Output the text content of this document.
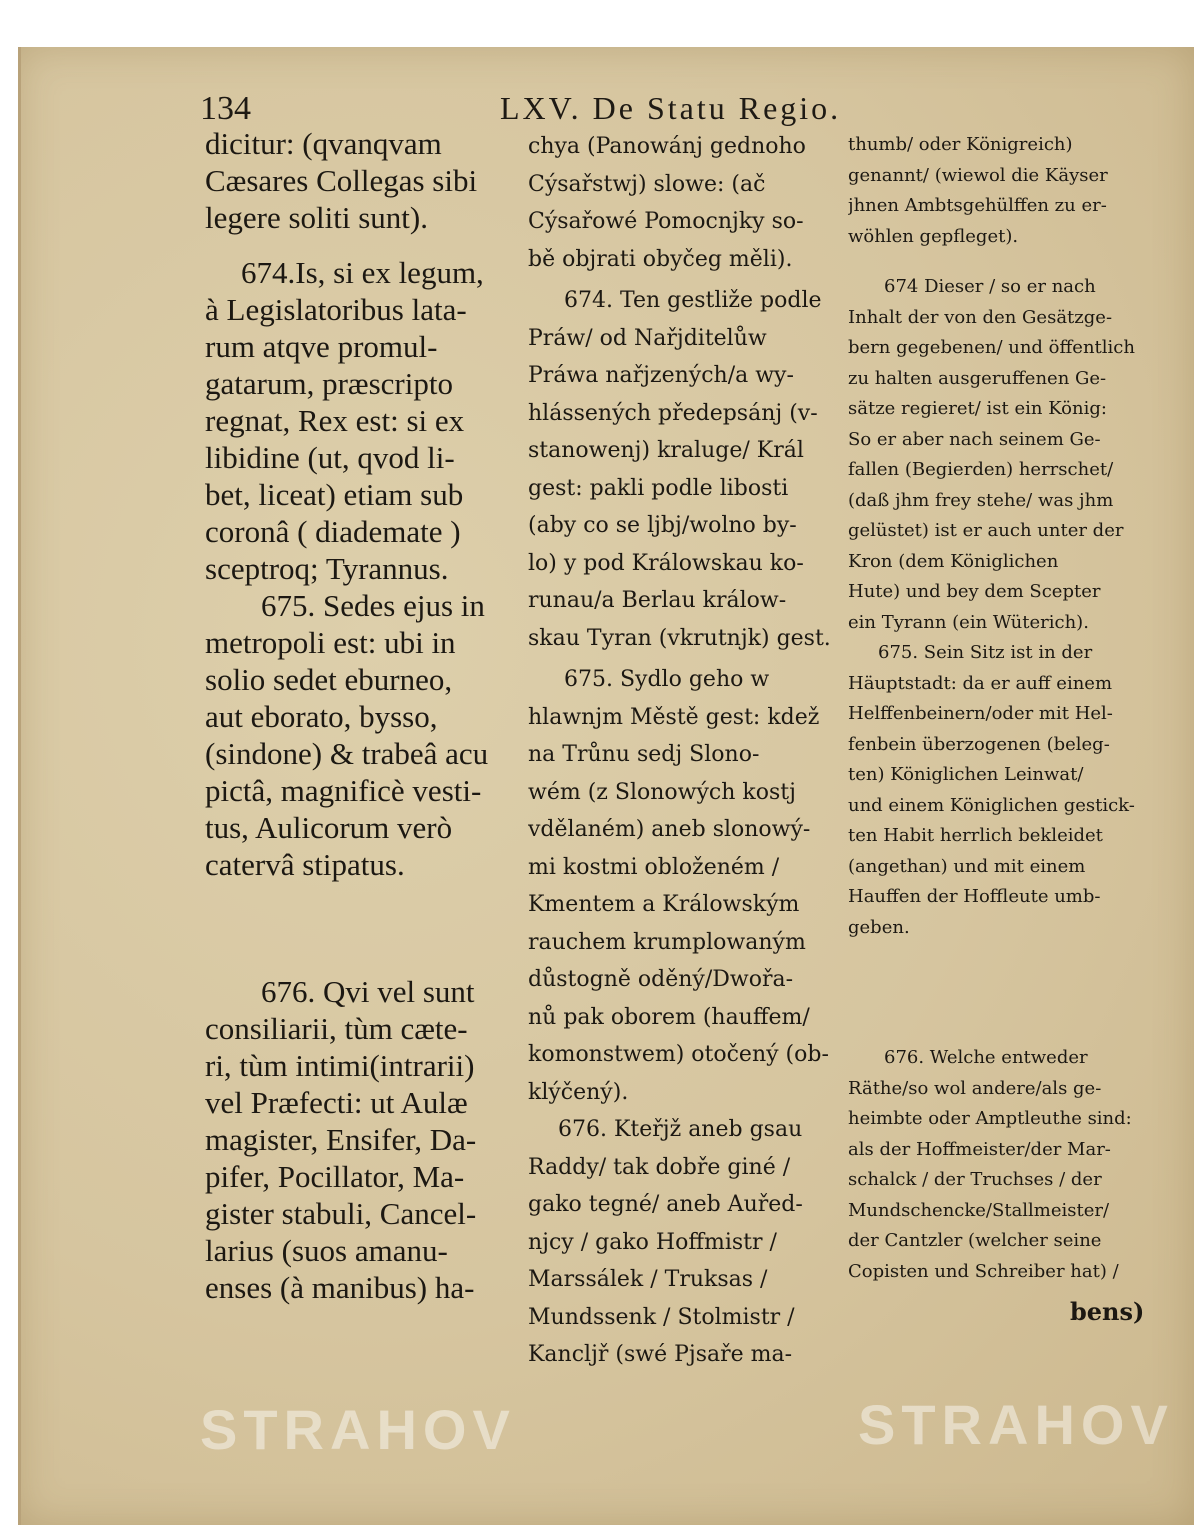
134	LXV. De Statu Regio.
dicitur: (qvanqvam
Cæsares Collegas sibi
legere soliti sunt).
674.Is, si ex legum,
à Legislatoribus lata-
rum atqve promul-
gatarum, præscripto
regnat, Rex est: si ex
libidine (ut, qvod li-
bet, liceat) etiam sub
coronâ ( diademate )
sceptroq; Tyrannus.
675. Sedes ejus in
metropoli est: ubi in
solio sedet eburneo,
aut eborato, bysso,
(sindone) & trabeâ acu
pictâ, magnificè vesti-
tus, Aulicorum verò
catervâ stipatus.
676. Qvi vel sunt
consiliarii, tùm cæte-
ri, tùm intimi(intrarii)
vel Præfecti: ut Aulæ
magister, Ensifer, Da-
pifer, Pocillator, Ma-
gister stabuli, Cancel-
larius (suos amanu-
enses (à manibus) ha-
chya (Panowánj gednoho
Cýsařstwj) slowe: (ač
Cýsařowé Pomocnjky so-
bě objrati obyčeg měli).
674. Ten gestliže podle
Práw/ od Nařjditelůw
Práwa nařjzených/a wy-
hlássených předepsánj (v-
stanowenj) kraluge/ Král
gest: pakli podle libosti
(aby co se ljbj/wolno by-
lo) y pod Králowskau ko-
runau/a Berlau králow-
skau Tyran (vkrutnjk) gest.
675. Sydlo geho w
hlawnjm Městě gest: kdež
na Trůnu sedj Slono-
wém (z Slonowých kostj
vdělaném) aneb slonowý-
mi kostmi obloženém /
Kmentem a Králowským
rauchem krumplowaným
důstogně oděný/Dwořa-
nů pak oborem (hauffem/
komonstwem) otočený (ob-
klýčený).
676. Kteřjž aneb gsau
Raddy/ tak dobře giné /
gako tegné/ aneb Auřed-
njcy / gako Hoffmistr /
Marssálek / Truksas /
Mundssenk / Stolmistr /
Kancljř (swé Pjsaře ma-
thumb/ oder Königreich)
genannt/ (wiewol die Käyser
jhnen Ambtsgehülffen zu er-
wöhlen gepfleget).
674 Dieser / so er nach
Inhalt der von den Gesätzge-
bern gegebenen/ und öffentlich
zu halten ausgeruffenen Ge-
sätze regieret/ ist ein König:
So er aber nach seinem Ge-
fallen (Begierden) herrschet/
(daß jhm frey stehe/ was jhm
gelüstet) ist er auch unter der
Kron (dem Königlichen
Hute) und bey dem Scepter
ein Tyrann (ein Wüterich).
675. Sein Sitz ist in der
Häuptstadt: da er auff einem
Helffenbeinern/oder mit Hel-
fenbein überzogenen (beleg-
ten) Königlichen Leinwat/
und einem Königlichen gestick-
ten Habit herrlich bekleidet
(angethan) und mit einem
Hauffen der Hoffleute umb-
geben.
676. Welche entweder
Räthe/so wol andere/als ge-
heimbte oder Amptleuthe sind:
als der Hoffmeister/der Mar-
schalck / der Truchses / der
Mundschencke/Stallmeister/
der Cantzler (welcher seine
Copisten und Schreiber hat) /
bens)
STRAHOV	STRAHOV
